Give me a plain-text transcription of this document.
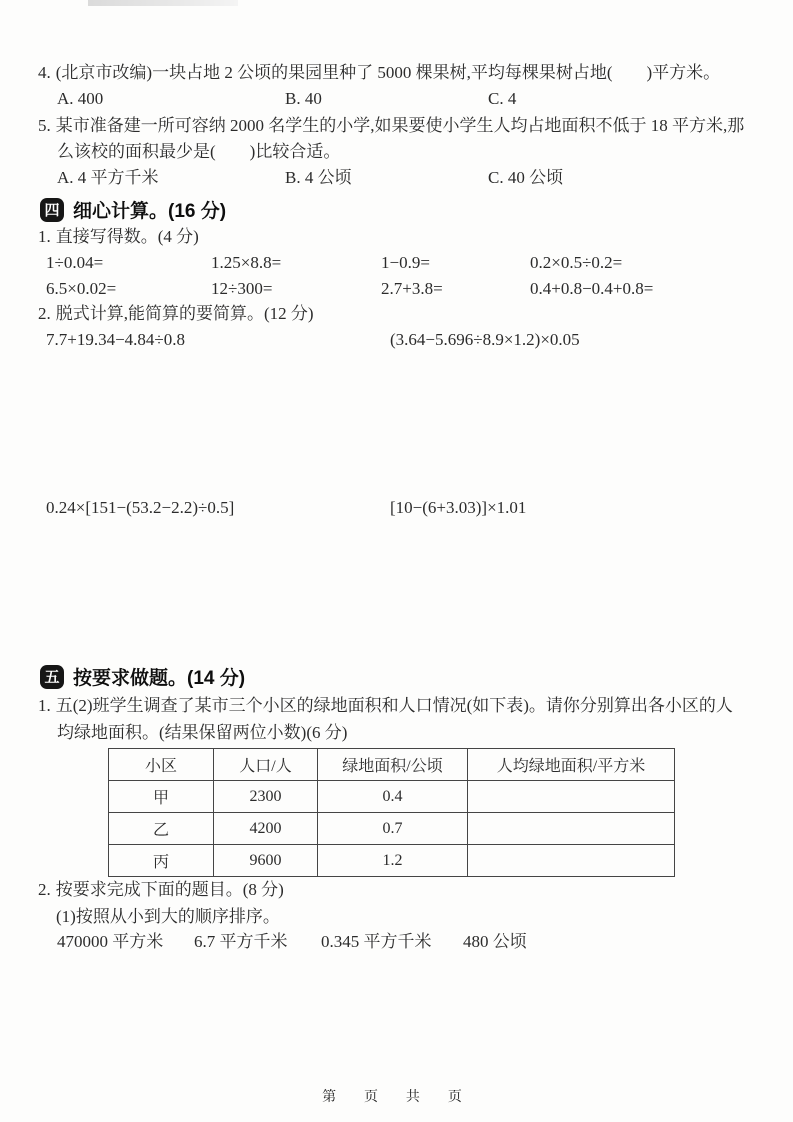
4. (北京市改编)一块占地 2 公顷的果园里种了 5000 棵果树,平均每棵果树占地(　　)平方米。
A. 400	B. 40	C. 4
5. 某市准备建一所可容纳 2000 名学生的小学,如果要使小学生人均占地面积不低于 18 平方米,那
么该校的面积最少是(　　)比较合适。
A. 4 平方千米	B. 4 公顷	C. 40 公顷
四 细心计算。(16 分)
1. 直接写得数。(4 分)
1÷0.04=	1.25×8.8=	1−0.9=	0.2×0.5÷0.2=
6.5×0.02=	12÷300=	2.7+3.8=	0.4+0.8−0.4+0.8=
2. 脱式计算,能简算的要简算。(12 分)
7.7+19.34−4.84÷0.8	(3.64−5.696÷8.9×1.2)×0.05
0.24×[151−(53.2−2.2)÷0.5]	[10−(6+3.03)]×1.01
五 按要求做题。(14 分)
1. 五(2)班学生调查了某市三个小区的绿地面积和人口情况(如下表)。请你分别算出各小区的人
均绿地面积。(结果保留两位小数)(6 分)
小区	人口/人	绿地面积/公顷	人均绿地面积/平方米
甲	2300	0.4	
乙	4200	0.7	
丙	9600	1.2	
2. 按要求完成下面的题目。(8 分)
(1)按照从小到大的顺序排序。
470000 平方米 6.7 平方千米 0.345 平方千米 480 公顷
第 页 共 页
